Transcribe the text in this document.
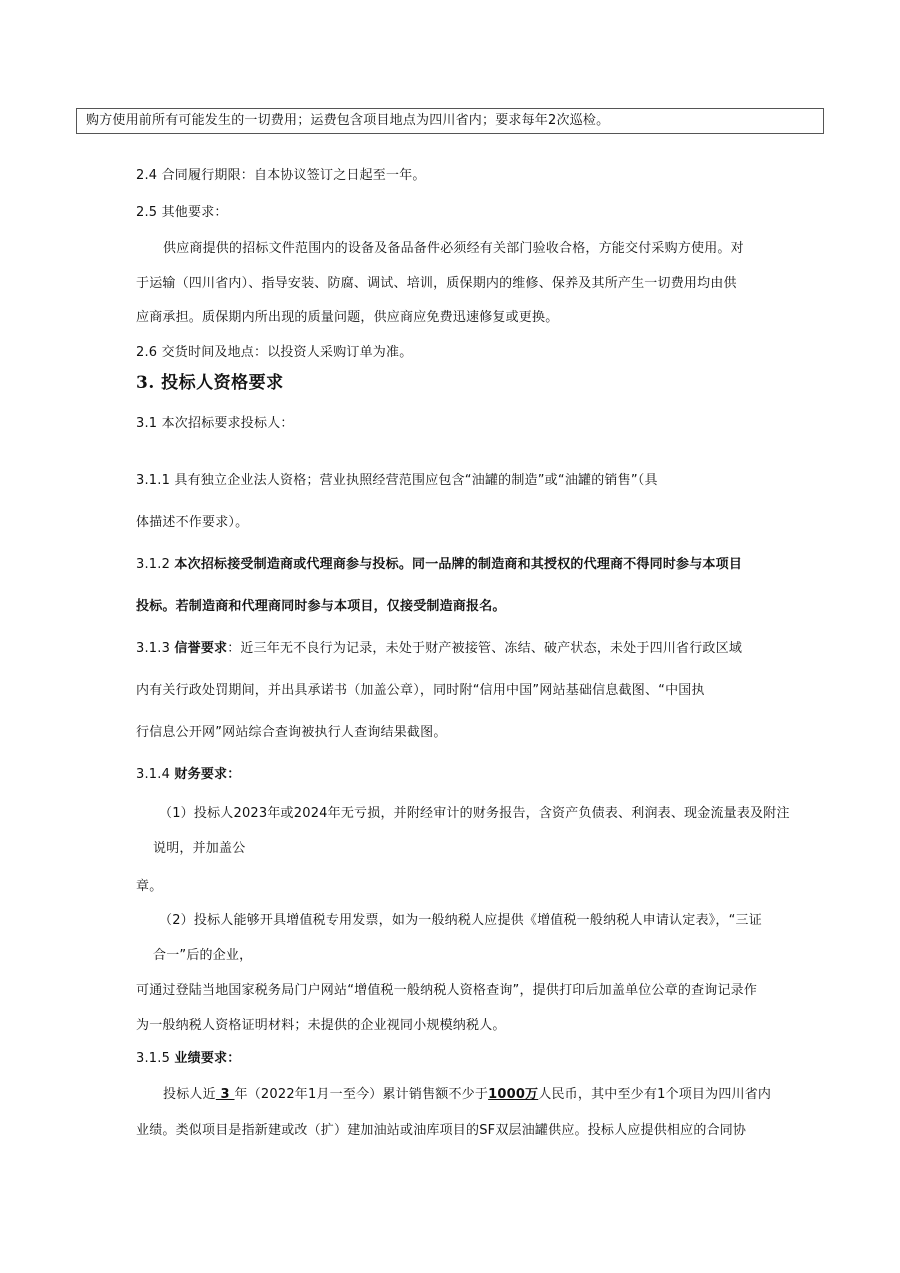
购方使用前所有可能发生的一切费用；运费包含项目地点为四川省内；要求每年2次巡检。
2.4 合同履行期限：自本协议签订之日起至一年。
2.5 其他要求：
供应商提供的招标文件范围内的设备及备品备件必须经有关部门验收合格，方能交付采购方使用。对
于运输（四川省内）、指导安装、防腐、调试、培训，质保期内的维修、保养及其所产生一切费用均由供
应商承担。质保期内所出现的质量问题，供应商应免费迅速修复或更换。
2.6 交货时间及地点：以投资人采购订单为准。
3. 投标人资格要求
3.1 本次招标要求投标人：
3.1.1 具有独立企业法人资格；营业执照经营范围应包含“油罐的制造”或“油罐的销售”（具
体描述不作要求）。
3.1.2 本次招标接受制造商或代理商参与投标。同一品牌的制造商和其授权的代理商不得同时参与本项目
投标。若制造商和代理商同时参与本项目，仅接受制造商报名。
3.1.3 信誉要求：近三年无不良行为记录，未处于财产被接管、冻结、破产状态，未处于四川省行政区域
内有关行政处罚期间，并出具承诺书（加盖公章），同时附“信用中国”网站基础信息截图、“中国执
行信息公开网”网站综合查询被执行人查询结果截图。
3.1.4 财务要求：
（1）投标人2023年或2024年无亏损，并附经审计的财务报告，含资产负债表、利润表、现金流量表及附注
说明，并加盖公
章。
（2）投标人能够开具增值税专用发票，如为一般纳税人应提供《增值税一般纳税人申请认定表》，“三证
合一”后的企业，
可通过登陆当地国家税务局门户网站“增值税一般纳税人资格查询”，提供打印后加盖单位公章的查询记录作
为一般纳税人资格证明材料；未提供的企业视同小规模纳税人。
3.1.5 业绩要求：
投标人近 3 年（2022年1月一至今）累计销售额不少于1000万人民币，其中至少有1个项目为四川省内
业绩。类似项目是指新建或改（扩）建加油站或油库项目的SF双层油罐供应。投标人应提供相应的合同协
